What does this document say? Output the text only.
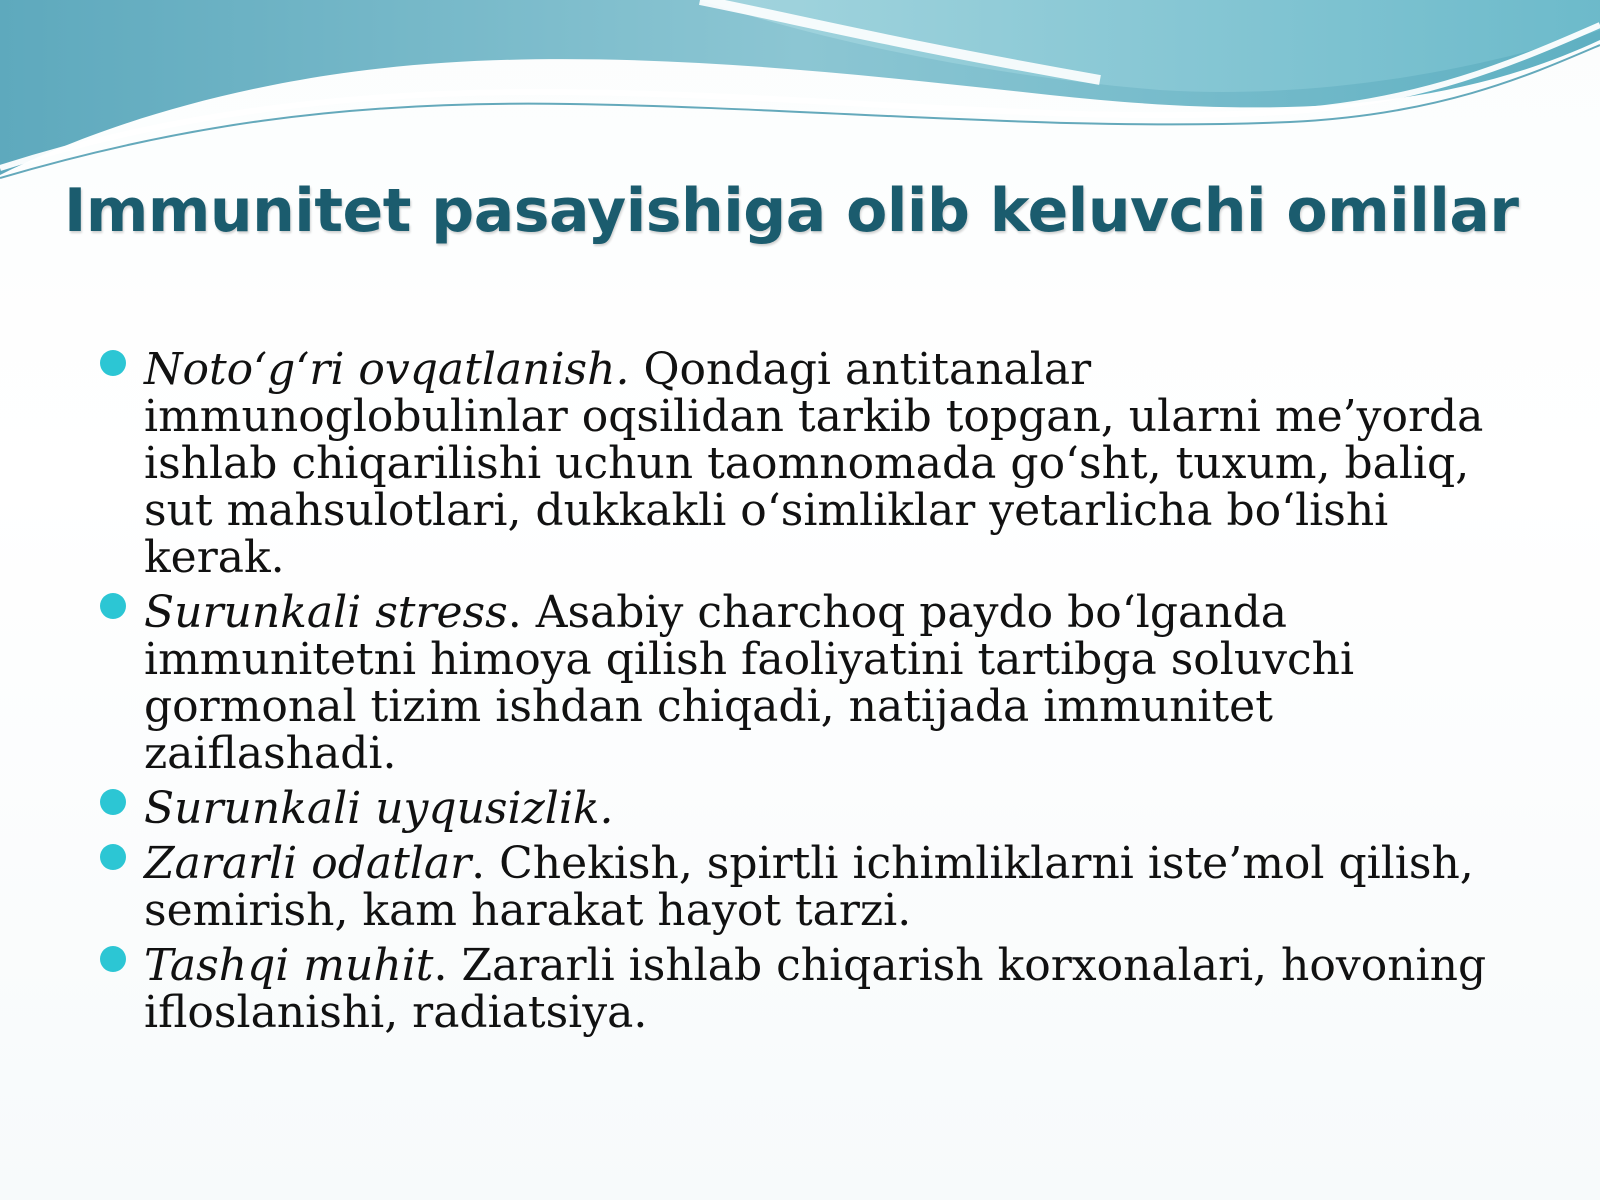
Immunitet pasayishiga olib keluvchi omillar
Noto‘g‘ri ovqatlanish. Qondagi antitanalar immunoglobulinlar oqsilidan tarkib topgan, ularni me’yorda ishlab chiqarilishi uchun taomnomada go‘sht, tuxum, baliq, sut mahsulotlari, dukkakli o‘simliklar yetarlicha bo‘lishi kerak.
Surunkali stress. Asabiy charchoq paydo bo‘lganda immunitetni himoya qilish faoliyatini tartibga soluvchi gormonal tizim ishdan chiqadi, natijada immunitet zaiflashadi.
Surunkali uyqusizlik.
Zararli odatlar. Chekish, spirtli ichimliklarni iste’mol qilish, semirish, kam harakat hayot tarzi.
Tashqi muhit. Zararli ishlab chiqarish korxonalari, hovoning ifloslanishi, radiatsiya.
